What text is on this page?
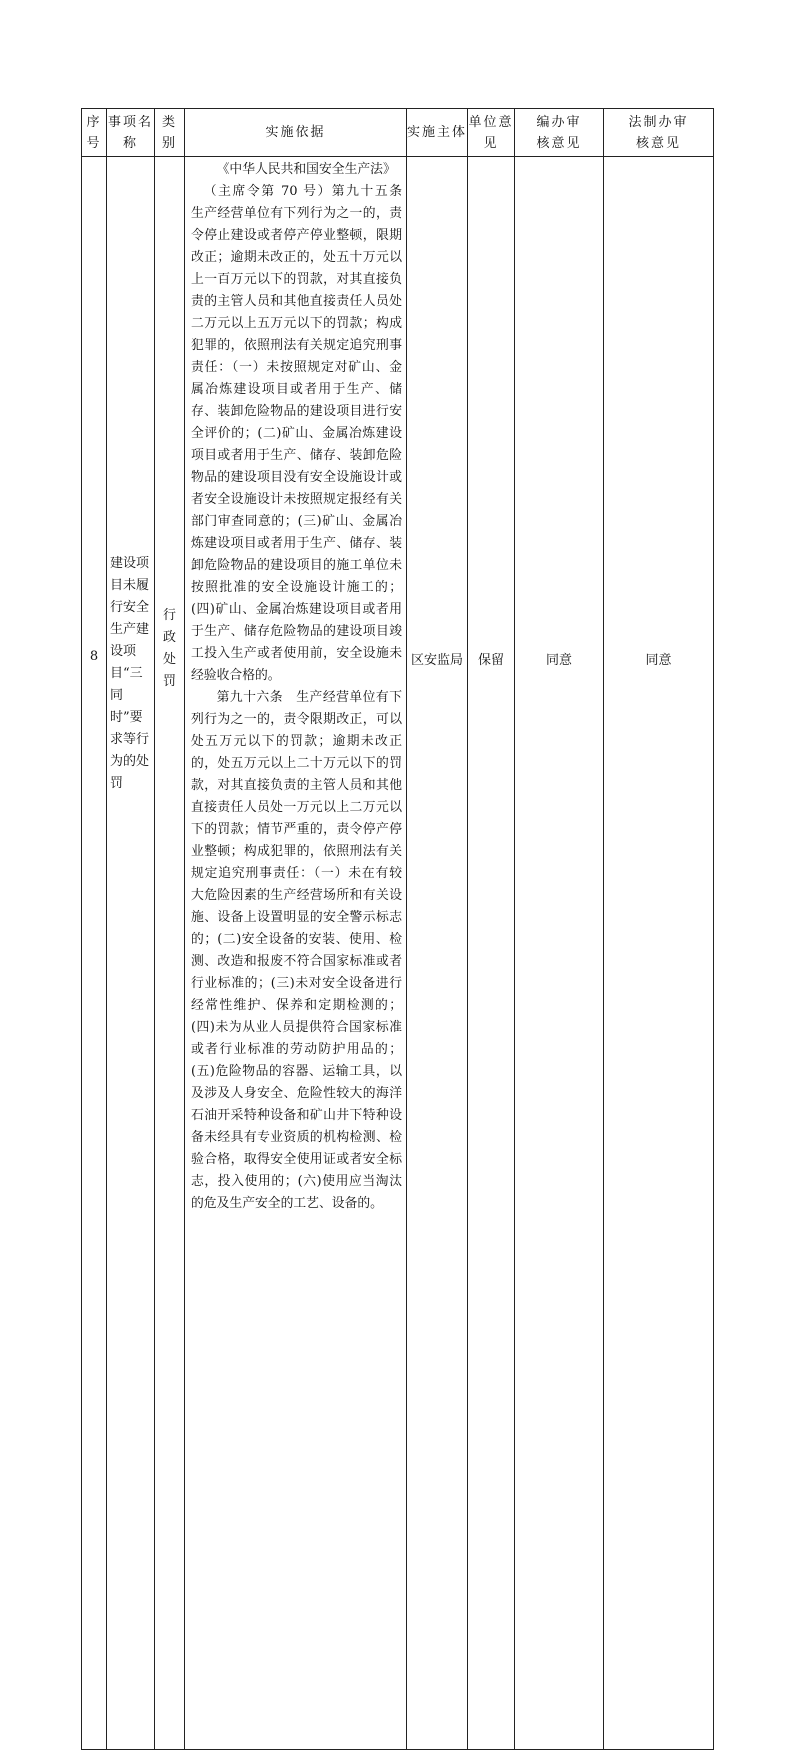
序号	事项名称	类别	实施依据	实施主体	单位意见	编办审核意见	法制办审核意见
8	建设项目未履行安全生产建设项目“三同时”要求等行为的处罚	行政处罚	《中华人民共和国安全生产法》

（主席令第 70 号）第九十五条　生产经营单位有下列行为之一的，责令停止建设或者停产停业整顿，限期改正；逾期未改正的，处五十万元以上一百万元以下的罚款，对其直接负责的主管人员和其他直接责任人员处二万元以上五万元以下的罚款；构成犯罪的，依照刑法有关规定追究刑事责任：（一）未按照规定对矿山、金属冶炼建设项目或者用于生产、储存、装卸危险物品的建设项目进行安全评价的；(二)矿山、金属冶炼建设项目或者用于生产、储存、装卸危险物品的建设项目没有安全设施设计或者安全设施设计未按照规定报经有关部门审查同意的；(三)矿山、金属冶炼建设项目或者用于生产、储存、装卸危险物品的建设项目的施工单位未按照批准的安全设施设计施工的；(四)矿山、金属冶炼建设项目或者用于生产、储存危险物品的建设项目竣工投入生产或者使用前，安全设施未经验收合格的。

第九十六条　生产经营单位有下列行为之一的，责令限期改正，可以处五万元以下的罚款；逾期未改正的，处五万元以上二十万元以下的罚款，对其直接负责的主管人员和其他直接责任人员处一万元以上二万元以下的罚款；情节严重的，责令停产停业整顿；构成犯罪的，依照刑法有关规定追究刑事责任：（一）未在有较大危险因素的生产经营场所和有关设施、设备上设置明显的安全警示标志的；(二)安全设备的安装、使用、检测、改造和报废不符合国家标准或者行业标准的；(三)未对安全设备进行经常性维护、保养和定期检测的；(四)未为从业人员提供符合国家标准或者行业标准的劳动防护用品的；(五)危险物品的容器、运输工具，以及涉及人身安全、危险性较大的海洋石油开采特种设备和矿山井下特种设备未经具有专业资质的机构检测、检验合格，取得安全使用证或者安全标志，投入使用的；(六)使用应当淘汰的危及生产安全的工艺、设备的。	区安监局	保留	同意	同意
